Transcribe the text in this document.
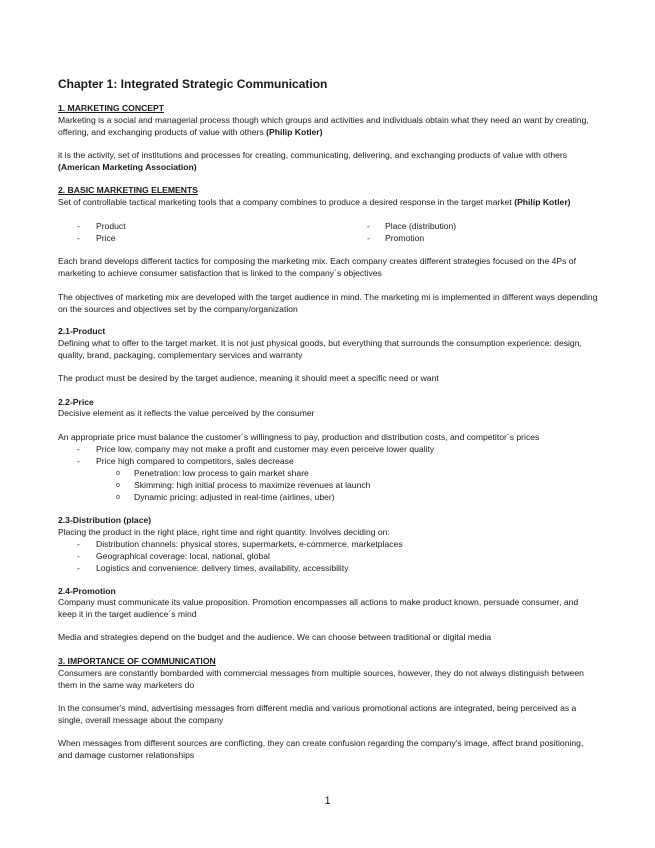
Chapter 1: Integrated Strategic Communication
1. MARKETING CONCEPT
Marketing is a social and managerial process though which groups and activities and individuals obtain what they need an want by creating, offering, and exchanging products of value with others (Philip Kotler)
it is the activity, set of institutions and processes for creating, communicating, delivering, and exchanging products of value with others (American Marketing Association)
2. BASIC MARKETING ELEMENTS
Set of controllable tactical marketing tools that a company combines to produce a desired response in the target market (Philip Kotler)
- Product
- Price
- Place (distribution)
- Promotion
Each brand develops different tactics for composing the marketing mix. Each company creates different strategies focused on the 4Ps of marketing to achieve consumer satisfaction that is linked to the company´s objectives
The objectives of marketing mix are developed with the target audience in mind. The marketing mi is implemented in different ways depending on the sources and objectives set by the company/organization
2.1-Product
Defining what to offer to the target market. It is not just physical goods, but everything that surrounds the consumption experience: design, quality, brand, packaging, complementary services and warranty
The product must be desired by the target audience, meaning it should meet a specific need or want
2.2-Price
Decisive element as it reflects the value perceived by the consumer
An appropriate price must balance the customer´s willingness to pay, production and distribution costs, and competitor´s prices
- Price low, company may not make a profit and customer may even perceive lower quality
- Price high compared to competitors, sales decrease
o Penetration: low process to gain market share
o Skimming: high initial process to maximize revenues at launch
o Dynamic pricing: adjusted in real-time (airlines, uber)
2.3-Distribution (place)
Placing the product in the right place, right time and right quantity. Involves deciding on:
- Distribution channels: physical stores, supermarkets, e-commerce, marketplaces
- Geographical coverage: local, national, global
- Logistics and convenience: delivery times, availability, accessibility
2.4-Promotion
Company must communicate its value proposition. Promotion encompasses all actions to make product known, persuade consumer, and keep it in the target audience´s mind
Media and strategies depend on the budget and the audience. We can choose between traditional or digital media
3. IMPORTANCE OF COMMUNICATION
Consumers are constantly bombarded with commercial messages from multiple sources, however, they do not always distinguish between them in the same way marketers do
In the consumer's mind, advertising messages from different media and various promotional actions are integrated, being perceived as a single, overall message about the company
When messages from different sources are conflicting, they can create confusion regarding the company's image, affect brand positioning, and damage customer relationships
1
